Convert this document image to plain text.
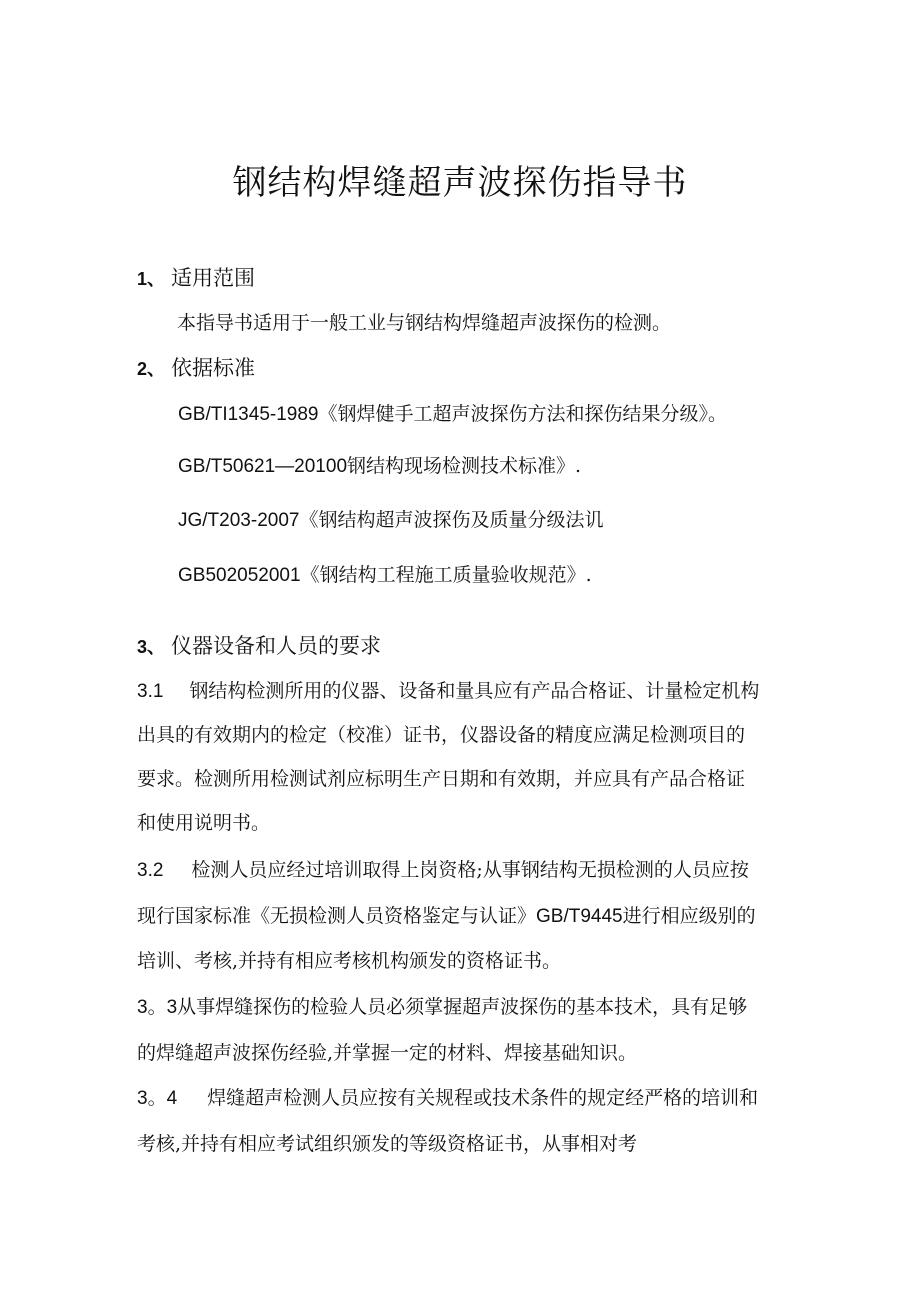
钢结构焊缝超声波探伤指导书
1、 适用范围
本指导书适用于一般工业与钢结构焊缝超声波探伤的检测。
2、 依据标准
GB/TI1345-1989《钢焊健手工超声波探伤方法和探伤结果分级》。
GB/T50621—20100钢结构现场检测技术标准》.
JG/T203-2007《钢结构超声波探伤及质量分级法讥
GB502052001《钢结构工程施工质量验收规范》.
3、 仪器设备和人员的要求
3.1 钢结构检测所用的仪器、设备和量具应有产品合格证、计量检定机构
出具的有效期内的检定（校准）证书，仪器设备的精度应满足检测项目的
要求。检测所用检测试剂应标明生产日期和有效期，并应具有产品合格证
和使用说明书。
3.2 检测人员应经过培训取得上岗资格;从事钢结构无损检测的人员应按
现行国家标准《无损检测人员资格鉴定与认证》GB/T9445进行相应级别的
培训、考核,并持有相应考核机构颁发的资格证书。
3。3从事焊缝探伤的检验人员必须掌握超声波探伤的基本技术，具有足够
的焊缝超声波探伤经验,并掌握一定的材料、焊接基础知识。
3。4 焊缝超声检测人员应按有关规程或技术条件的规定经严格的培训和
考核,并持有相应考试组织颁发的等级资格证书，从事相对考
